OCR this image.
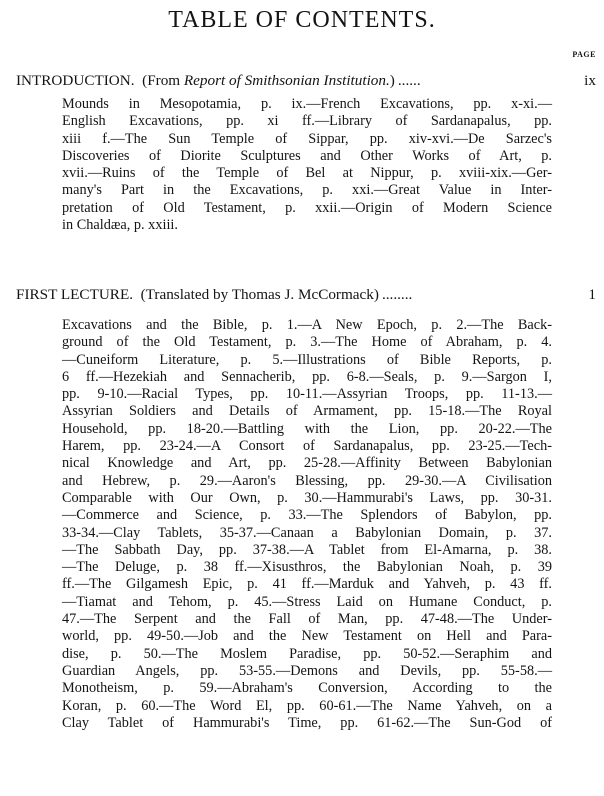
TABLE OF CONTENTS.
PAGE
INTRODUCTION. (From Report of Smithsonian Institution.) ......	ix
Mounds in Mesopotamia, p. ix.—French Excavations, pp. x-xi.—
English Excavations, pp. xi ff.—Library of Sardanapalus, pp.
xiii f.—The Sun Temple of Sippar, pp. xiv-xvi.—De Sarzec's
Discoveries of Diorite Sculptures and Other Works of Art, p.
xvii.—Ruins of the Temple of Bel at Nippur, p. xviii-xix.—Ger-
many's Part in the Excavations, p. xxi.—Great Value in Inter-
pretation of Old Testament, p. xxii.—Origin of Modern Science
in Chaldæa, p. xxiii.
FIRST LECTURE. (Translated by Thomas J. McCormack) ........	1
Excavations and the Bible, p. 1.—A New Epoch, p. 2.—The Back-
ground of the Old Testament, p. 3.—The Home of Abraham, p. 4.
—Cuneiform Literature, p. 5.—Illustrations of Bible Reports, p.
6 ff.—Hezekiah and Sennacherib, pp. 6-8.—Seals, p. 9.—Sargon I,
pp. 9-10.—Racial Types, pp. 10-11.—Assyrian Troops, pp. 11-13.—
Assyrian Soldiers and Details of Armament, pp. 15-18.—The Royal
Household, pp. 18-20.—Battling with the Lion, pp. 20-22.—The
Harem, pp. 23-24.—A Consort of Sardanapalus, pp. 23-25.—Tech-
nical Knowledge and Art, pp. 25-28.—Affinity Between Babylonian
and Hebrew, p. 29.—Aaron's Blessing, pp. 29-30.—A Civilisation
Comparable with Our Own, p. 30.—Hammurabi's Laws, pp. 30-31.
—Commerce and Science, p. 33.—The Splendors of Babylon, pp.
33-34.—Clay Tablets, 35-37.—Canaan a Babylonian Domain, p. 37.
—The Sabbath Day, pp. 37-38.—A Tablet from El-Amarna, p. 38.
—The Deluge, p. 38 ff.—Xisusthros, the Babylonian Noah, p. 39
ff.—The Gilgamesh Epic, p. 41 ff.—Marduk and Yahveh, p. 43 ff.
—Tiamat and Tehom, p. 45.—Stress Laid on Humane Conduct, p.
47.—The Serpent and the Fall of Man, pp. 47-48.—The Under-
world, pp. 49-50.—Job and the New Testament on Hell and Para-
dise, p. 50.—The Moslem Paradise, pp. 50-52.—Seraphim and
Guardian Angels, pp. 53-55.—Demons and Devils, pp. 55-58.—
Monotheism, p. 59.—Abraham's Conversion, According to the
Koran, p. 60.—The Word El, pp. 60-61.—The Name Yahveh, on a
Clay Tablet of Hammurabi's Time, pp. 61-62.—The Sun-God of
